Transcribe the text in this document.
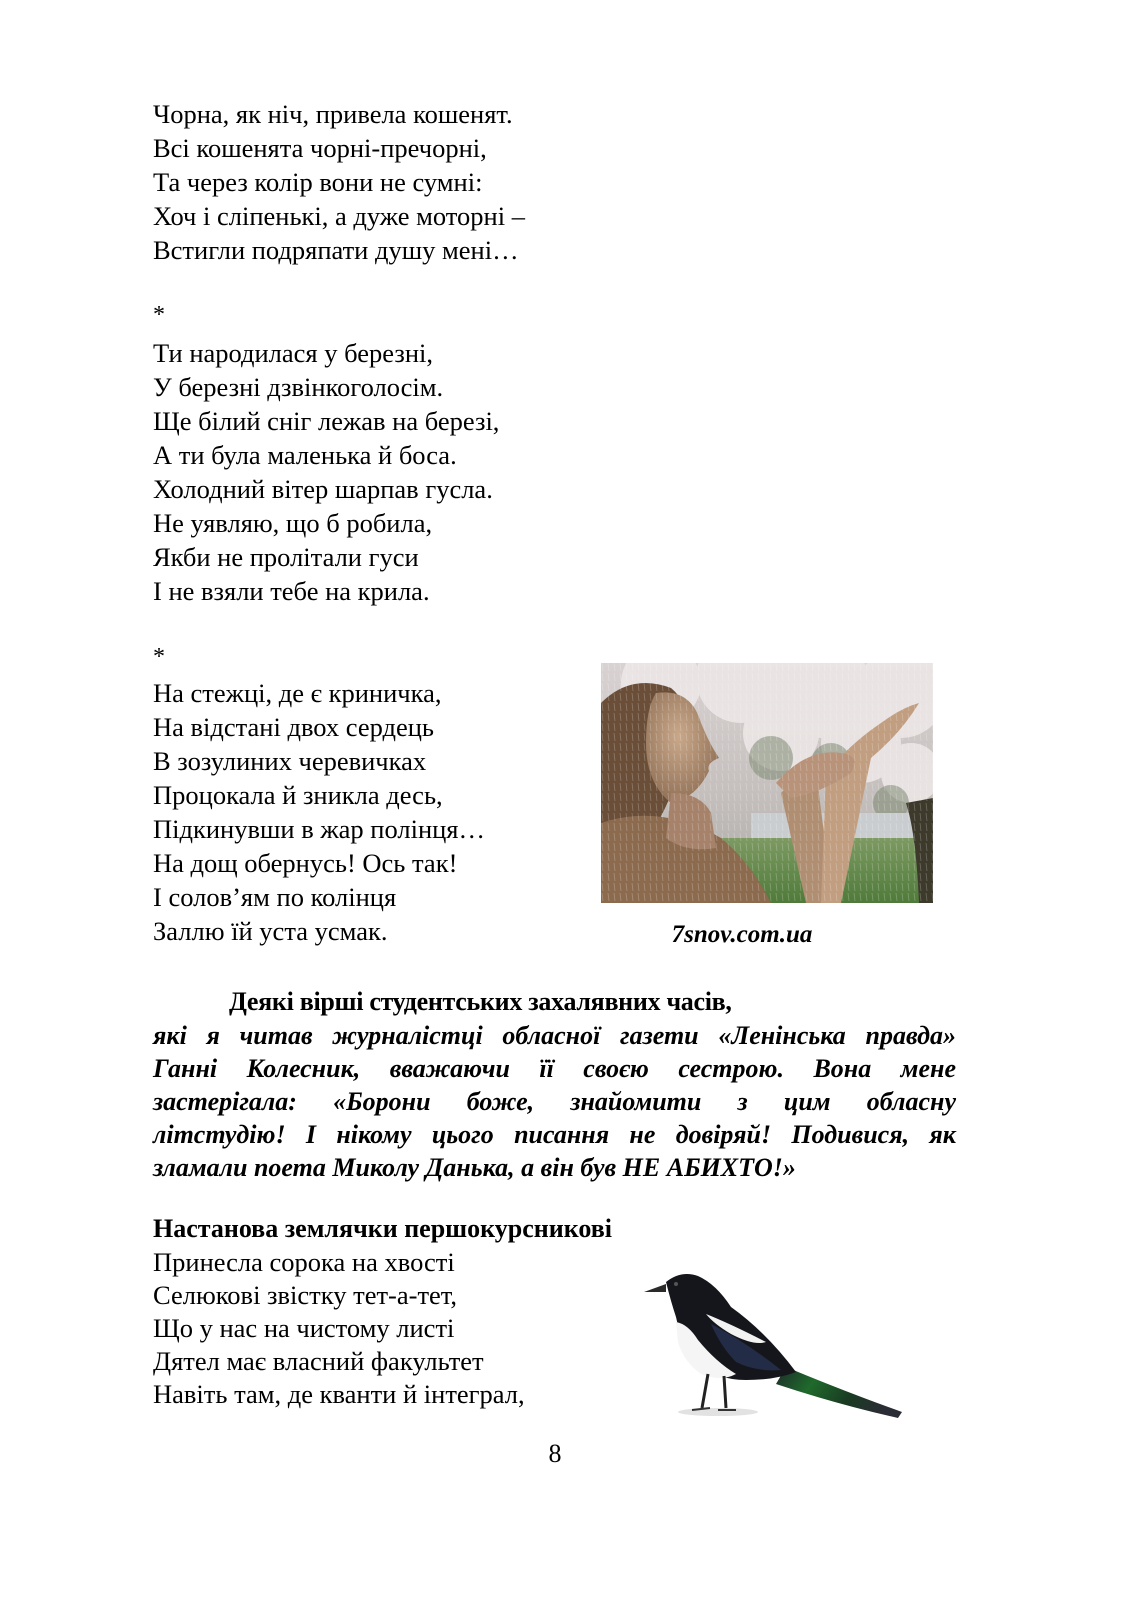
Чорна, як ніч, привела кошенят.
Всі кошенята чорні-пречорні,
Та через колір вони не сумні:
Хоч і сліпенькі, а дуже моторні –
Встигли подряпати душу мені…
*
Ти народилася у березні,
У березні дзвінкоголосім.
Ще білий сніг лежав на березі,
А ти була маленька й боса.
Холодний вітер шарпав гусла.
Не уявляю, що б робила,
Якби не пролітали гуси
І не взяли тебе на крила.
*
На стежці, де є криничка,
На відстані двох сердець
В зозулиних черевичках
Процокала й зникла десь,
Підкинувши в жар полінця…
На дощ обернусь! Ось так!
І солов’ям по колінця
Заллю їй уста усмак.	7snov.com.ua
Деякі вірші студентських захалявних часів,
які я читав журналістці обласної газети «Ленінська правда»
Ганні Колесник, вважаючи її своєю сестрою. Вона мене
застерігала: «Борони боже, знайомити з цим обласну
літстудію! І нікому цього писання не довіряй! Подивися, як
зламали поета Миколу Данька, а він був НЕ АБИХТО!»
Настанова землячки першокурсникові
Принесла сорока на хвості
Селюкові звістку тет-а-тет,
Що у нас на чистому листі
Дятел має власний факультет
Навіть там, де кванти й інтеграл,
8
